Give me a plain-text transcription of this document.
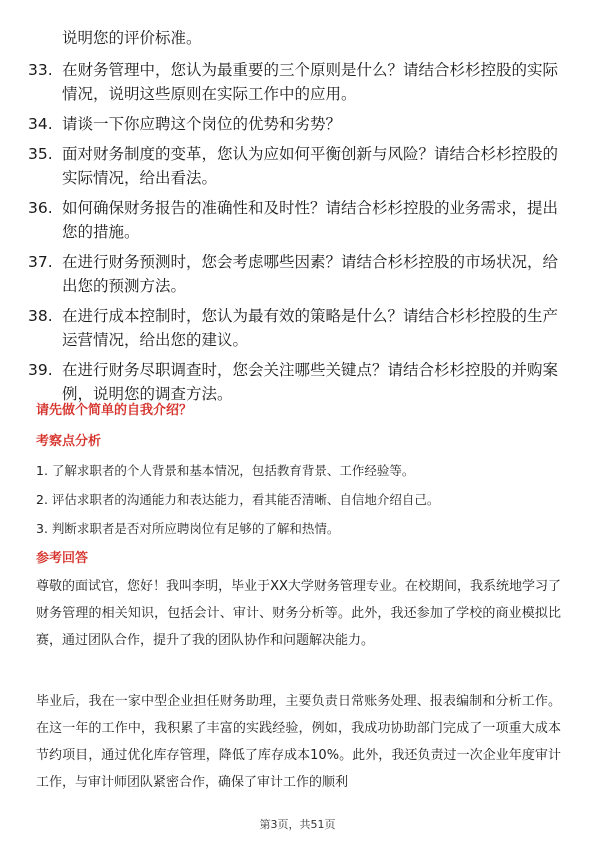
说明您的评价标准。
33. 在财务管理中，您认为最重要的三个原则是什么？请结合杉杉控股的实际情况，说明这些原则在实际工作中的应用。
34. 请谈一下你应聘这个岗位的优势和劣势？
35. 面对财务制度的变革，您认为应如何平衡创新与风险？请结合杉杉控股的实际情况，给出看法。
36. 如何确保财务报告的准确性和及时性？请结合杉杉控股的业务需求，提出您的措施。
37. 在进行财务预测时，您会考虑哪些因素？请结合杉杉控股的市场状况，给出您的预测方法。
38. 在进行成本控制时，您认为最有效的策略是什么？请结合杉杉控股的生产运营情况，给出您的建议。
39. 在进行财务尽职调查时，您会关注哪些关键点？请结合杉杉控股的并购案例，说明您的调查方法。
请先做个简单的自我介绍？
考察点分析
1. 了解求职者的个人背景和基本情况，包括教育背景、工作经验等。
2. 评估求职者的沟通能力和表达能力，看其能否清晰、自信地介绍自己。
3. 判断求职者是否对所应聘岗位有足够的了解和热情。
参考回答
尊敬的面试官，您好！我叫李明，毕业于XX大学财务管理专业。在校期间，我系统地学习了财务管理的相关知识，包括会计、审计、财务分析等。此外，我还参加了学校的商业模拟比赛，通过团队合作，提升了我的团队协作和问题解决能力。
毕业后，我在一家中型企业担任财务助理，主要负责日常账务处理、报表编制和分析工作。在这一年的工作中，我积累了丰富的实践经验，例如，我成功协助部门完成了一项重大成本节约项目，通过优化库存管理，降低了库存成本10%。此外，我还负责过一次企业年度审计工作，与审计师团队紧密合作，确保了审计工作的顺利
第3页，共51页
